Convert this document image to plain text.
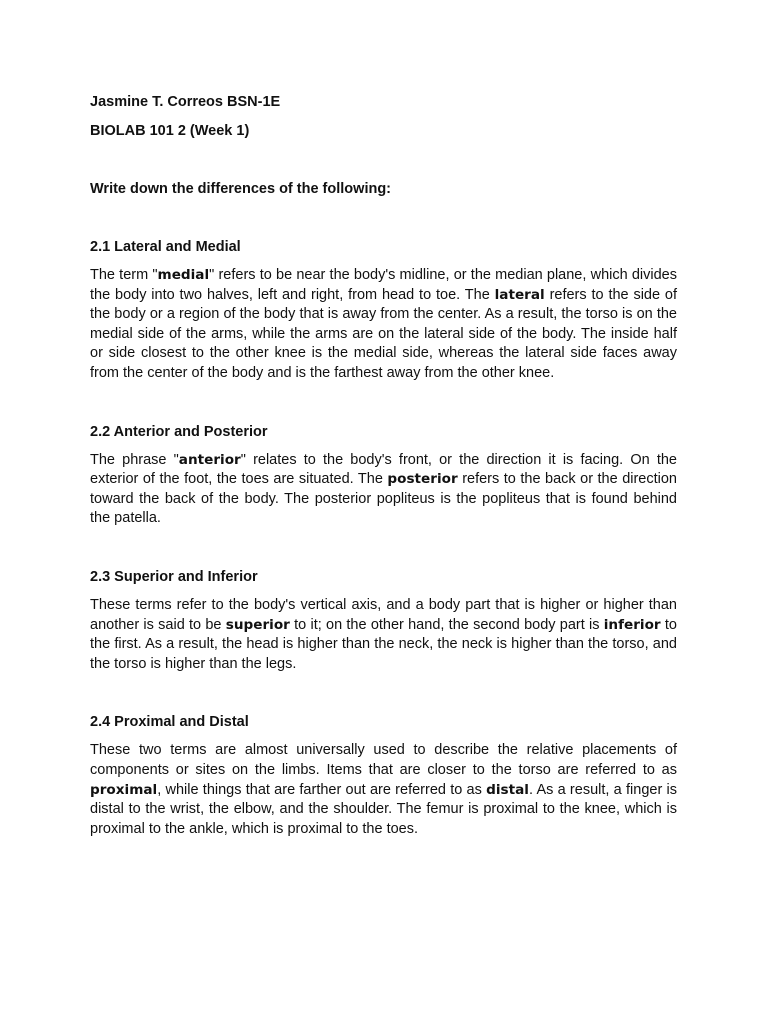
Jasmine T. Correos BSN-1E

BIOLAB 101 2 (Week 1)

Write down the differences of the following:

2.1 Lateral and Medial

The term "medial" refers to be near the body's midline, or the median plane, which divides the body into two halves, left and right, from head to toe. The lateral refers to the side of the body or a region of the body that is away from the center. As a result, the torso is on the medial side of the arms, while the arms are on the lateral side of the body. The inside half or side closest to the other knee is the medial side, whereas the lateral side faces away from the center of the body and is the farthest away from the other knee.

2.2 Anterior and Posterior

The phrase "anterior" relates to the body's front, or the direction it is facing. On the exterior of the foot, the toes are situated. The posterior refers to the back or the direction toward the back of the body. The posterior popliteus is the popliteus that is found behind the patella.

2.3 Superior and Inferior

These terms refer to the body's vertical axis, and a body part that is higher or higher than another is said to be superior to it; on the other hand, the second body part is inferior to the first. As a result, the head is higher than the neck, the neck is higher than the torso, and the torso is higher than the legs.

2.4 Proximal and Distal

These two terms are almost universally used to describe the relative placements of components or sites on the limbs. Items that are closer to the torso are referred to as proximal, while things that are farther out are referred to as distal. As a result, a finger is distal to the wrist, the elbow, and the shoulder. The femur is proximal to the knee, which is proximal to the ankle, which is proximal to the toes.
